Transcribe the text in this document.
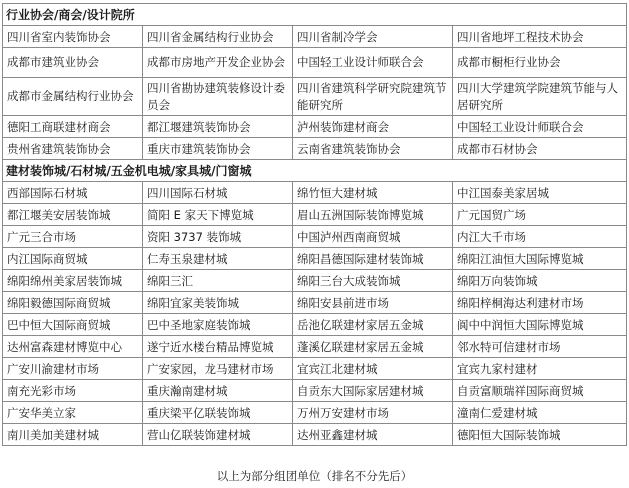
行业协会/商会/设计院所			
四川省室内装饰协会	四川省金属结构行业协会	四川省制冷学会	四川省地坪工程技术协会
成都市建筑业协会	成都市房地产开发企业协会	中国轻工业设计师联合会	成都市橱柜行业协会
成都市金属结构行业协会	四川省勘协建筑装修设计委员会	四川省建筑科学研究院建筑节能研究所	四川大学建筑学院建筑节能与人居研究所
德阳工商联建材商会	都江堰建筑装饰协会	泸州装饰建材商会	中国轻工业设计师联合会
贵州省建筑装饰协会	重庆市建筑装饰协会	云南省建筑装饰协会	成都市石材协会
建材装饰城/石材城/五金机电城/家具城/门窗城			
西部国际石材城	四川国际石材城	绵竹恒大建材城	中江国泰美家居城
都江堰美安居装饰城	简阳 E 家天下博览城	眉山五洲国际装饰博览城	广元国贸广场
广元三合市场	资阳 3737 装饰城	中国泸州西南商贸城	内江大千市场
内江国际商贸城	仁寿玉泉建材城	绵阳昌德国际建材装饰城	绵阳江油恒大国际博览城
绵阳绵州美家居装饰城	绵阳三汇	绵阳三台大成装饰城	绵阳万向装饰城
绵阳毅德国际商贸城	绵阳宜家美装饰城	绵阳安县前进市场	绵阳梓桐海达利建材市场
巴中恒大国际商贸城	巴中圣地家庭装饰城	岳池亿联建材家居五金城	阆中中润恒大国际博览城
达州富森建材博览中心	遂宁近水楼台精品博览城	蓬溪亿联建材家居五金城	邻水特可信建材市场
广安川渝建材市场	广安家园，龙马建材市场	宜宾江北建材城	宜宾九家村建材
南充光彩市场	重庆瀚南建材城	自贡东大国际家居建材城	自贡富顺瑞祥国际商贸城
广安华美立家	重庆梁平亿联装饰城	万州万安建材市场	潼南仁爱建材城
南川美加美建材城	营山亿联装饰建材城	达州亚鑫建材城	德阳恒大国际装饰城
以上为部分组团单位（排名不分先后）
